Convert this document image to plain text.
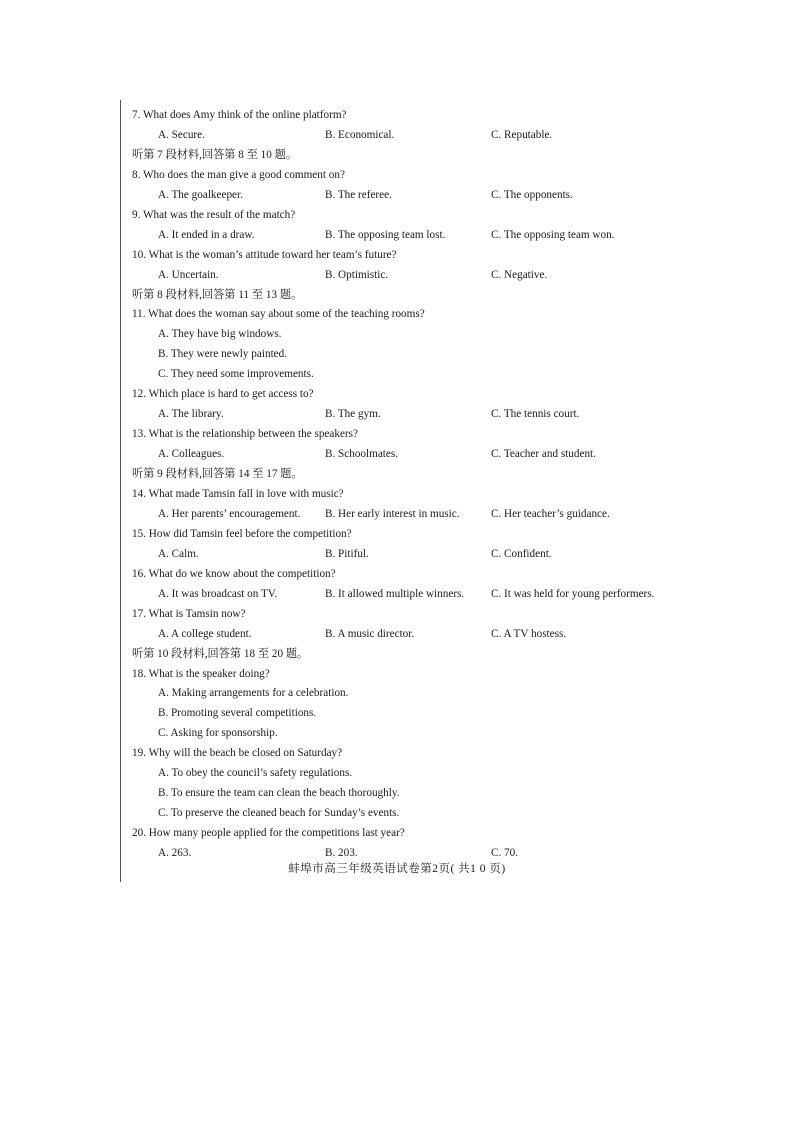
7. What does Amy think of the online platform?
A. Secure.	B. Economical.	C. Reputable.
听第 7 段材料,回答第 8 至 10 题。
8. Who does the man give a good comment on?
A. The goalkeeper.	B. The referee.	C. The opponents.
9. What was the result of the match?
A. It ended in a draw.	B. The opposing team lost.	C. The opposing team won.
10. What is the woman’s attitude toward her team’s future?
A. Uncertain.	B. Optimistic.	C. Negative.
听第 8 段材料,回答第 11 至 13 题。
11. What does the woman say about some of the teaching rooms?
A. They have big windows.
B. They were newly painted.
C. They need some improvements.
12. Which place is hard to get access to?
A. The library.	B. The gym.	C. The tennis court.
13. What is the relationship between the speakers?
A. Colleagues.	B. Schoolmates.	C. Teacher and student.
听第 9 段材料,回答第 14 至 17 题。
14. What made Tamsin fall in love with music?
A. Her parents’ encouragement. B. Her early interest in music.	C. Her teacher’s guidance.
15. How did Tamsin feel before the competition?
A. Calm.	B. Pitiful.	C. Confident.
16. What do we know about the competition?
A. It was broadcast on TV.	B. It allowed multiple winners. C. It was held for young performers.
17. What is Tamsin now?
A. A college student.	B. A music director.	C. A TV hostess.
听第 10 段材料,回答第 18 至 20 题。
18. What is the speaker doing?
A. Making arrangements for a celebration.
B. Promoting several competitions.
C. Asking for sponsorship.
19. Why will the beach be closed on Saturday?
A. To obey the council’s safety regulations.
B. To ensure the team can clean the beach thoroughly.
C. To preserve the cleaned beach for Sunday’s events.
20. How many people applied for the competitions last year?
A. 263.	B. 203.	C. 70.
蚌埠市高三年级英语试卷第2页( 共1 0 页)
